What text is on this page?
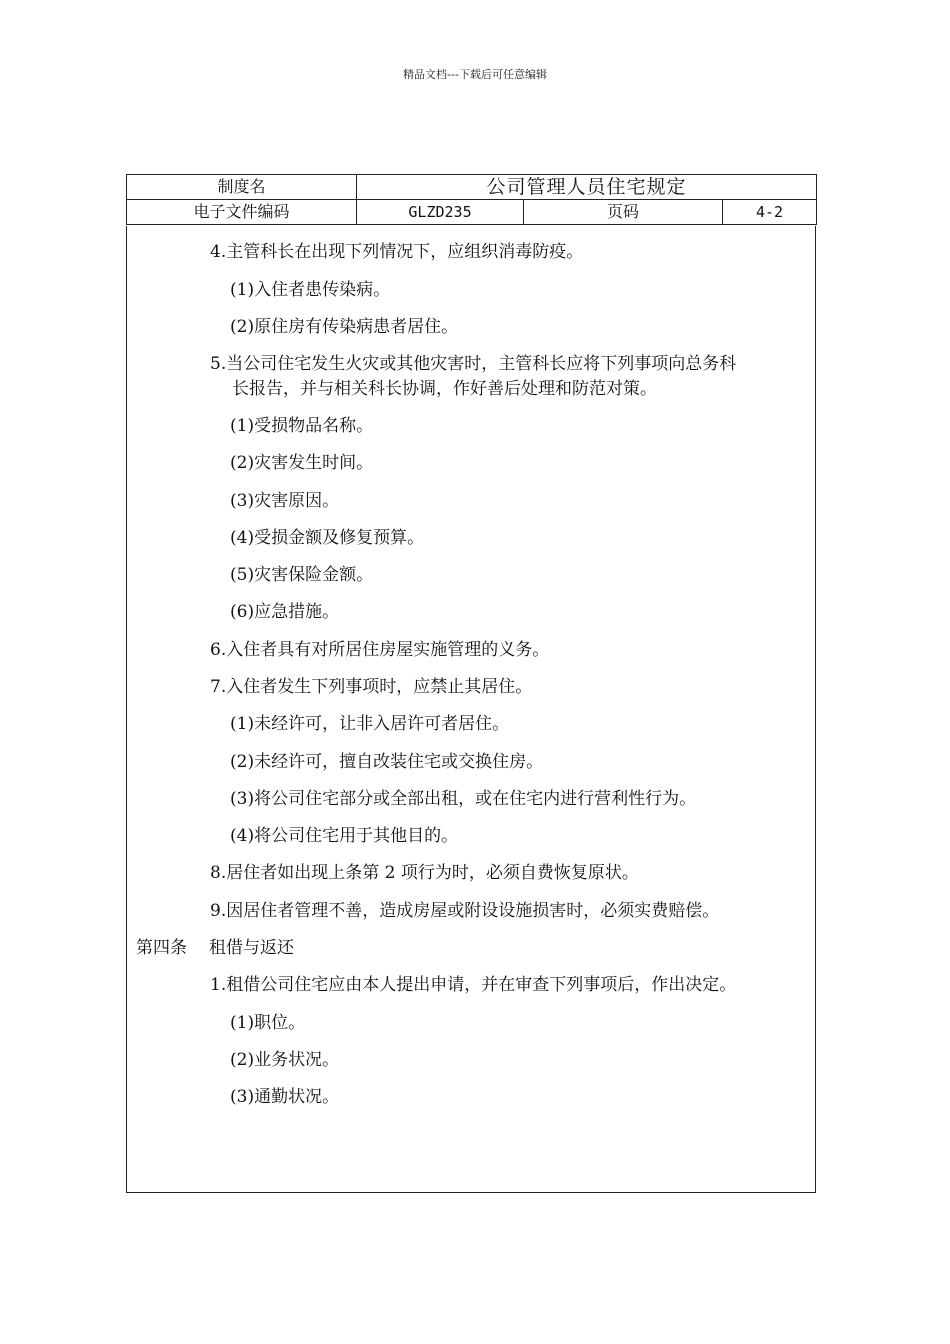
精品文档---下载后可任意编辑
制度名	公司管理人员住宅规定		
电子文件编码	GLZD235	页码	4-2
4.主管科长在出现下列情况下，应组织消毒防疫。
(1)入住者患传染病。
(2)原住房有传染病患者居住。
5.当公司住宅发生火灾或其他灾害时，主管科长应将下列事项向总务科
长报告，并与相关科长协调，作好善后处理和防范对策。
(1)受损物品名称。
(2)灾害发生时间。
(3)灾害原因。
(4)受损金额及修复预算。
(5)灾害保险金额。
(6)应急措施。
6.入住者具有对所居住房屋实施管理的义务。
7.入住者发生下列事项时，应禁止其居住。
(1)未经许可，让非入居许可者居住。
(2)未经许可，擅自改装住宅或交换住房。
(3)将公司住宅部分或全部出租，或在住宅内进行营利性行为。
(4)将公司住宅用于其他目的。
8.居住者如出现上条第 2 项行为时，必须自费恢复原状。
9.因居住者管理不善，造成房屋或附设设施损害时，必须实费赔偿。
第四条 租借与返还
1.租借公司住宅应由本人提出申请，并在审查下列事项后，作出决定。
(1)职位。
(2)业务状况。
(3)通勤状况。
